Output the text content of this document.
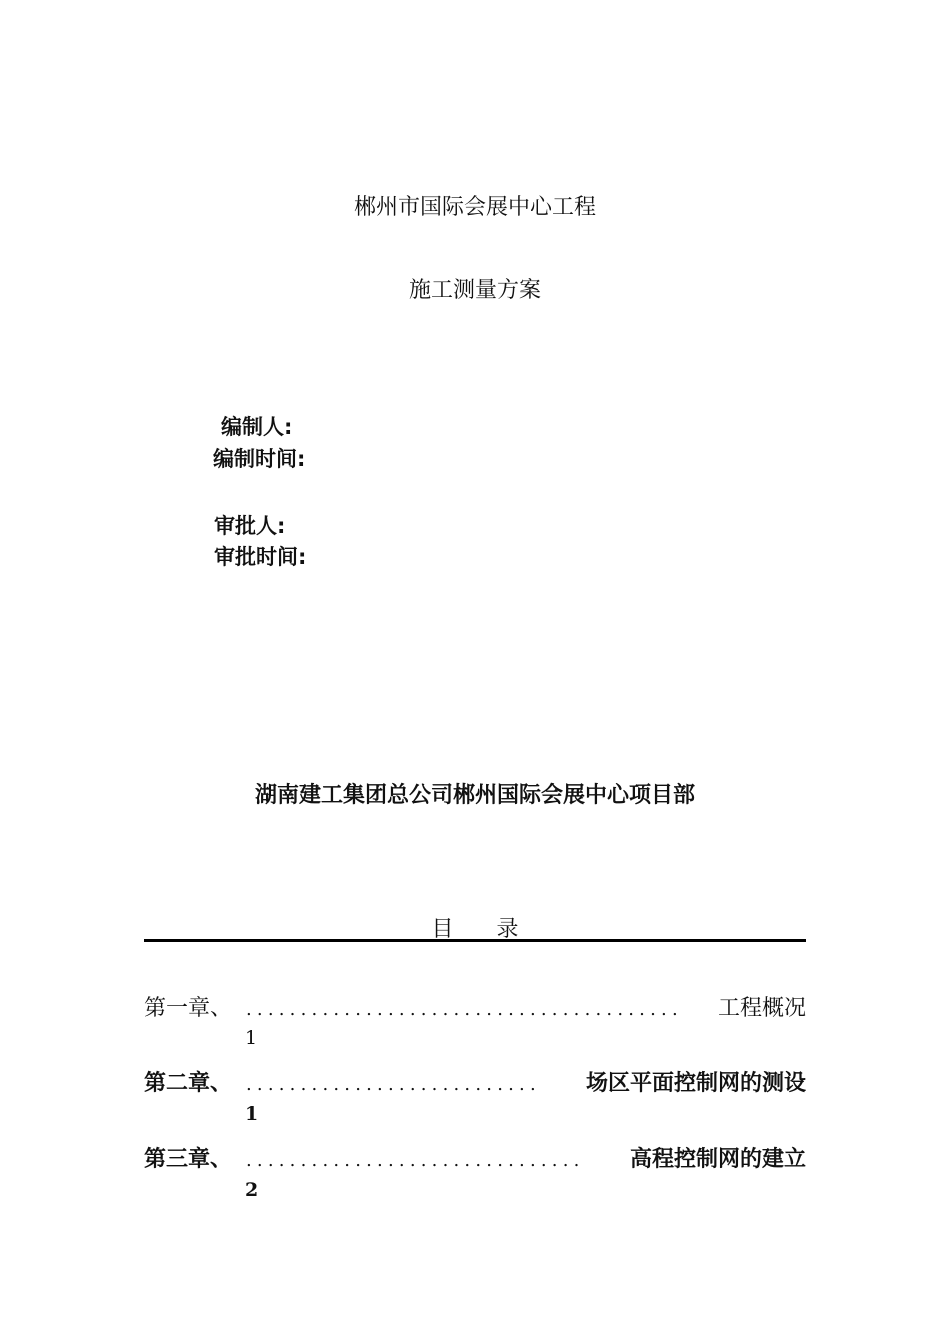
郴州市国际会展中心工程
施工测量方案
编制人:
编制时间:
审批人:
审批时间:
湖南建工集团总公司郴州国际会展中心项目部
目 录
第一章、 ........................................	工程概况
1
第二章、 ...........................	场区平面控制网的测设
1
第三章、 ...............................	高程控制网的建立
2
